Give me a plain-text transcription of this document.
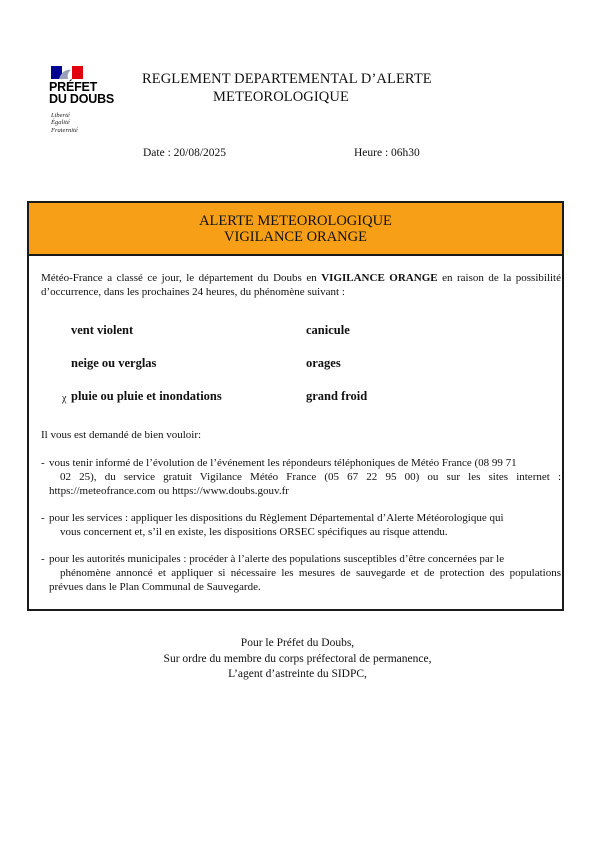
PRÉFET
DU DOUBS
Liberté
Égalité
Fraternité
REGLEMENT DEPARTEMENTAL D’ALERTE
METEOROLOGIQUE
Date : 20/08/2025	Heure : 06h30
ALERTE METEOROLOGIQUE
VIGILANCE ORANGE
Météo-France a classé ce jour, le département du Doubs en VIGILANCE ORANGE en raison de la possibilité d’occurrence, dans les prochaines 24 heures, du phénomène suivant :
vent violent	canicule
neige ou verglas	orages
χ pluie ou pluie et inondations	grand froid
Il vous est demandé de bien vouloir:
- vous tenir informé de l’évolution de l’événement les répondeurs téléphoniques de Météo France (08 99 71
02 25), du service gratuit Vigilance Météo France (05 67 22 95 00) ou sur les sites internet : https://meteofrance.com ou https://www.doubs.gouv.fr
- pour les services : appliquer les dispositions du Règlement Départemental d’Alerte Météorologique qui
vous concernent et, s’il en existe, les dispositions ORSEC spécifiques au risque attendu.
- pour les autorités municipales : procéder à l’alerte des populations susceptibles d’être concernées par le
phénomène annoncé et appliquer si nécessaire les mesures de sauvegarde et de protection des populations prévues dans le Plan Communal de Sauvegarde.
Pour le Préfet du Doubs,
Sur ordre du membre du corps préfectoral de permanence,
L’agent d’astreinte du SIDPC,
